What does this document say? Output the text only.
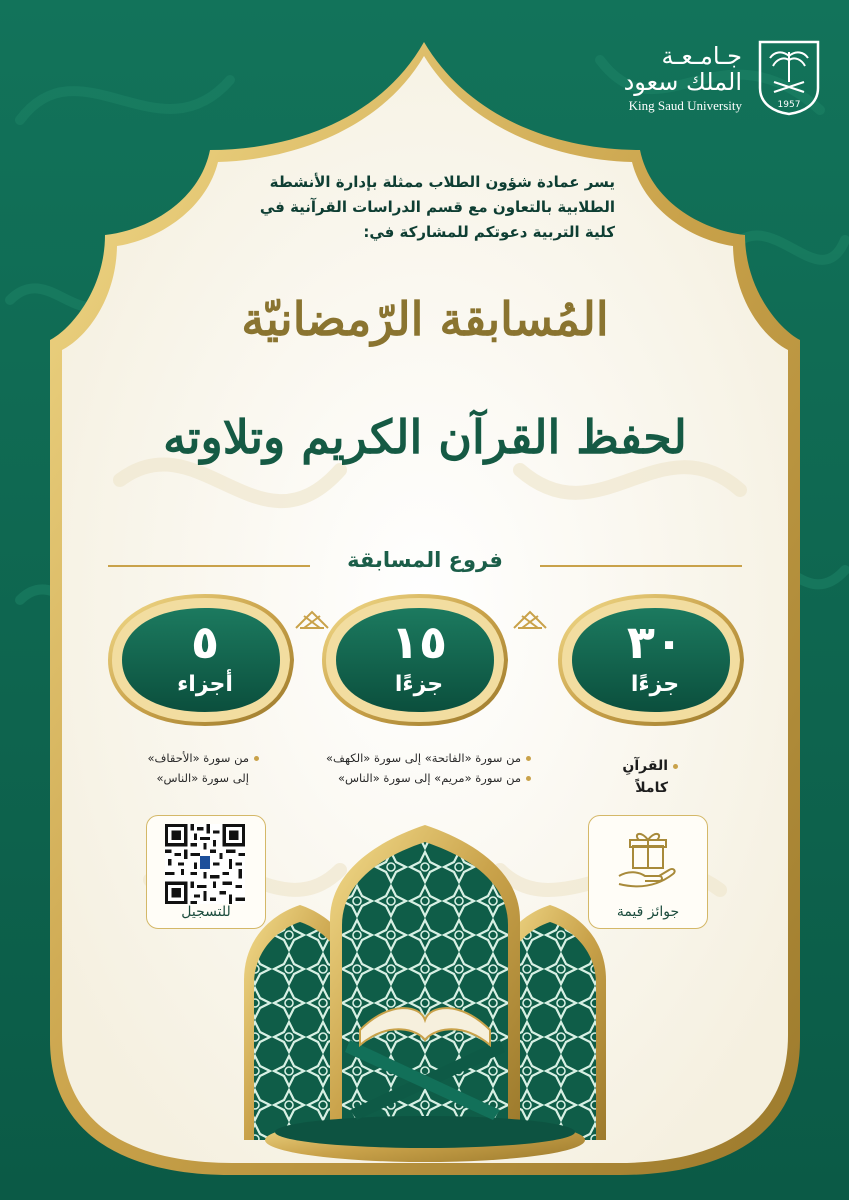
جـامـعـة
الملك سعود
King Saud University	1957
يسر عمادة شؤون الطلاب ممثلة بإدارة الأنشطة
الطلابية بالتعاون مع قسم الدراسات القرآنية في
كلية التربية دعوتكم للمشاركة في:
المُسابقة الرّمضانيّة
لحفظ القرآن الكريم وتلاوته
فروع المسابقة
٣٠
جزءًا
١٥
جزءًا
٥
أجزاء
القرآنِ
كاملاً
من سورة «الفاتحة» إلى سورة «الكهف»
من سورة «مريم» إلى سورة «الناس»
من سورة «الأحقاف»
إلى سورة «الناس»
جوائز قيمة
للتسجيل
